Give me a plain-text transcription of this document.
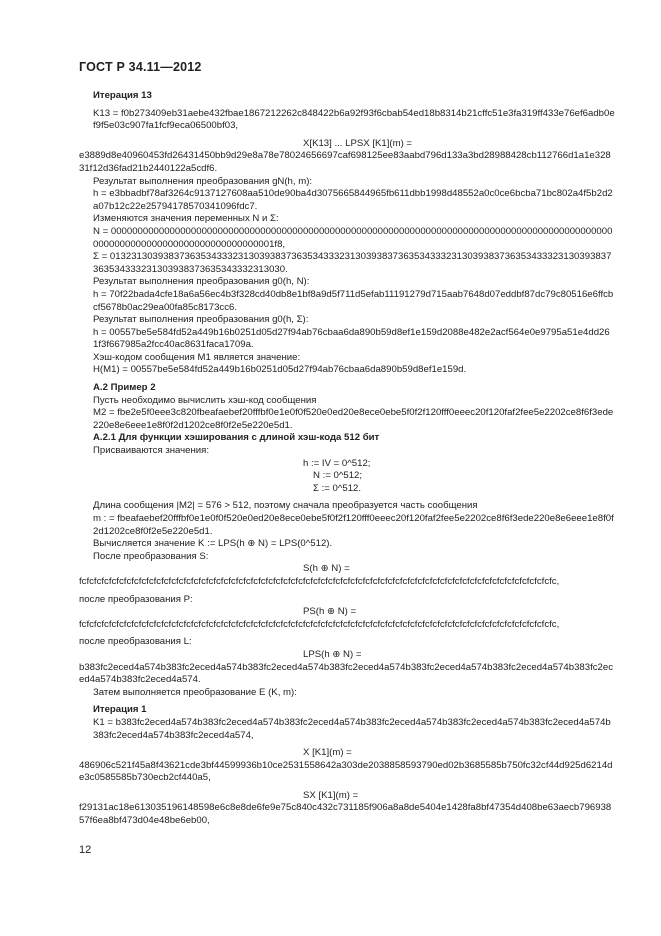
ГОСТ Р 34.11—2012

Итерация 13

K13 = f0b273409eb31aebe432fbae1867212262c848422b6a92f93f6cbab54ed18b8314b21cffc51e3fa319ff433e76ef6adb0ef9f5e03c907fa1fcf9eca06500bf03,

X[K13] ... LPSX [K1](m) =

e3889d8e40960453fd26431450bb9d29e8a78e78024656697caf698125ee83aabd796d133a3bd28988428cb112766d1a1e32831f12d36fad21b2440122a5cdf6.

Результат выполнения преобразования gN(h, m):

h = e3bbadbf78af3264c9137127608aa510de90ba4d3075665844965fb611dbb1998d48552a0c0ce6bcba71bc802a4f5b2d2a07b12c22e25794178570341096fdc7.

Изменяются значения переменных N и Σ:

N = 00000000000000000000000000000000000000000000000000000000000000000000000000000000000000000000000000000000000000000000000000000001f8,

Σ = 0132313039383736353433323130393837363534333231303938373635343332313039383736353433323130393837363534333231303938373635343332313030.

Результат выполнения преобразования g0(h, N):

h = 70f22bada4cfe18a6a56ec4b3f328cd40db8e1bf8a9d5f711d5efab11191279d715aab7648d07eddbf87dc79c80516e6ffcbcf5678b0ac29ea00fa85c8173cc6.

Результат выполнения преобразования g0(h, Σ):

h = 00557be5e584fd52a449b16b0251d05d27f94ab76cbaa6da890b59d8ef1e159d2088e482e2acf564e0e9795a51e4dd261f3f667985a2fcc40ac8631faca1709a.

Хэш-кодом сообщения M1 является значение:

H(M1) = 00557be5e584fd52a449b16b0251d05d27f94ab76cbaa6da890b59d8ef1e159d.

А.2 Пример 2

Пусть необходимо вычислить хэш-код сообщения

M2 = fbe2e5f0eee3c820fbeafaebef20fffbf0e1e0f0f520e0ed20e8ece0ebe5f0f2f120fff0eeec20f120faf2fee5e2202ce8f6f3ede220e8e6eee1e8f0f2d1202ce8f0f2e5e220e5d1.

А.2.1 Для функции хэширования с длиной хэш-кода 512 бит

Присваиваются значения:

h := IV = 0^512;

N := 0^512;

Σ := 0^512.

Длина сообщения |M2| = 576 > 512, поэтому сначала преобразуется часть сообщения

m : = fbeafaebef20fffbf0e1e0f0f520e0ed20e8ece0ebe5f0f2f120fff0eeec20f120faf2fee5e2202ce8f6f3ede220e8e6eee1e8f0f2d1202ce8f0f2e5e220e5d1.

Вычисляется значение K := LPS(h ⊕ N) = LPS(0^512).

После преобразования S:

S(h ⊕ N) =

fcfcfcfcfcfcfcfcfcfcfcfcfcfcfcfcfcfcfcfcfcfcfcfcfcfcfcfcfcfcfcfcfcfcfcfcfcfcfcfcfcfcfcfcfcfcfcfcfcfcfcfcfcfcfcfcfcfcfcfcfcfcfcfc,

после преобразования P:

PS(h ⊕ N) =

fcfcfcfcfcfcfcfcfcfcfcfcfcfcfcfcfcfcfcfcfcfcfcfcfcfcfcfcfcfcfcfcfcfcfcfcfcfcfcfcfcfcfcfcfcfcfcfcfcfcfcfcfcfcfcfcfcfcfcfcfcfcfcfc,

после преобразования L:

LPS(h ⊕ N) =

b383fc2eced4a574b383fc2eced4a574b383fc2eced4a574b383fc2eced4a574b383fc2eced4a574b383fc2eced4a574b383fc2eced4a574b383fc2eced4a574.

Затем выполняется преобразование E (K, m):

Итерация 1

K1 = b383fc2eced4a574b383fc2eced4a574b383fc2eced4a574b383fc2eced4a574b383fc2eced4a574b383fc2eced4a574b383fc2eced4a574b383fc2eced4a574,

X [K1](m) =

486906c521f45a8f43621cde3bf44599936b10ce2531558642a303de2038858593790ed02b3685585b750fc32cf44d925d6214de3c0585585b730ecb2cf440a5,

SX [K1](m) =

f29131ac18e613035196148598e6c8e8de6fe9e75c840c432c731185f906a8a8de5404e1428fa8bf47354d408be63aecb79693857f6ea8bf473d04e48be6eb00,

12
